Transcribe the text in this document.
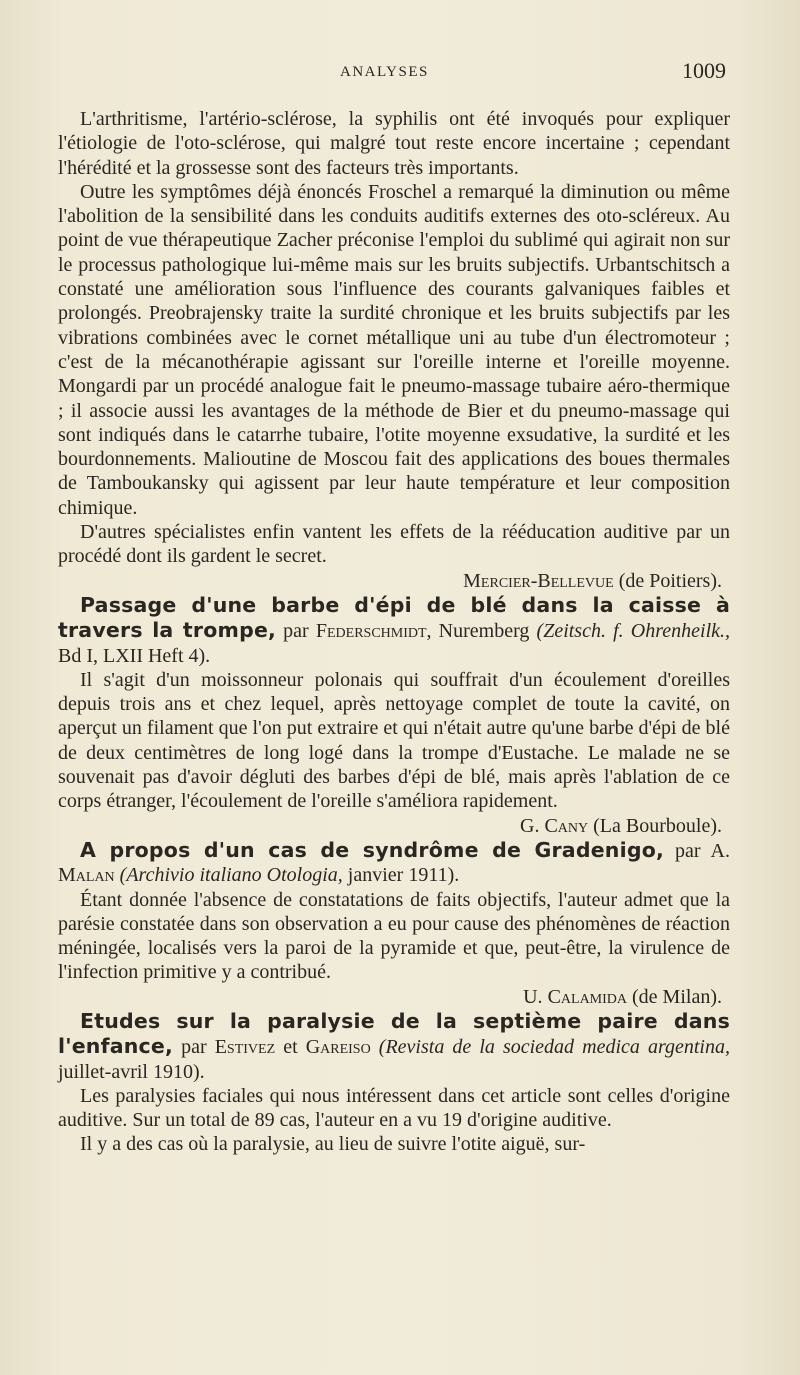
ANALYSES	1009

L'arthritisme, l'artério-sclérose, la syphilis ont été invoqués pour expliquer l'étiologie de l'oto-sclérose, qui malgré tout reste encore incertaine ; cependant l'hérédité et la grossesse sont des facteurs très importants.

Outre les symptômes déjà énoncés Froschel a remarqué la diminution ou même l'abolition de la sensibilité dans les conduits auditifs externes des oto-scléreux. Au point de vue thérapeutique Zacher préconise l'emploi du sublimé qui agirait non sur le processus pathologique lui-même mais sur les bruits subjectifs. Urbantschitsch a constaté une amélioration sous l'influence des courants galvaniques faibles et prolongés. Preobrajensky traite la surdité chronique et les bruits subjectifs par les vibrations combinées avec le cornet métallique uni au tube d'un électromoteur ; c'est de la mécanothérapie agissant sur l'oreille interne et l'oreille moyenne. Mongardi par un procédé analogue fait le pneumo-massage tubaire aéro-thermique ; il associe aussi les avantages de la méthode de Bier et du pneumo-massage qui sont indiqués dans le catarrhe tubaire, l'otite moyenne exsudative, la surdité et les bourdonnements. Malioutine de Moscou fait des applications des boues thermales de Tamboukansky qui agissent par leur haute température et leur composition chimique.

D'autres spécialistes enfin vantent les effets de la rééducation auditive par un procédé dont ils gardent le secret.

Mercier-Bellevue (de Poitiers).

Passage d'une barbe d'épi de blé dans la caisse à travers la trompe, par Federschmidt, Nuremberg (Zeitsch. f. Ohrenheilk., Bd I, LXII Heft 4).

Il s'agit d'un moissonneur polonais qui souffrait d'un écoulement d'oreilles depuis trois ans et chez lequel, après nettoyage complet de toute la cavité, on aperçut un filament que l'on put extraire et qui n'était autre qu'une barbe d'épi de blé de deux centimètres de long logé dans la trompe d'Eustache. Le malade ne se souvenait pas d'avoir dégluti des barbes d'épi de blé, mais après l'ablation de ce corps étranger, l'écoulement de l'oreille s'améliora rapidement.

G. Cany (La Bourboule).

A propos d'un cas de syndrôme de Gradenigo, par A. Malan (Archivio italiano Otologia, janvier 1911).

Étant donnée l'absence de constatations de faits objectifs, l'auteur admet que la parésie constatée dans son observation a eu pour cause des phénomènes de réaction méningée, localisés vers la paroi de la pyramide et que, peut-être, la virulence de l'infection primitive y a contribué.

U. Calamida (de Milan).

Etudes sur la paralysie de la septième paire dans l'enfance, par Estivez et Gareiso (Revista de la sociedad medica argentina, juillet-avril 1910).

Les paralysies faciales qui nous intéressent dans cet article sont celles d'origine auditive. Sur un total de 89 cas, l'auteur en a vu 19 d'origine auditive.

Il y a des cas où la paralysie, au lieu de suivre l'otite aiguë, sur-
